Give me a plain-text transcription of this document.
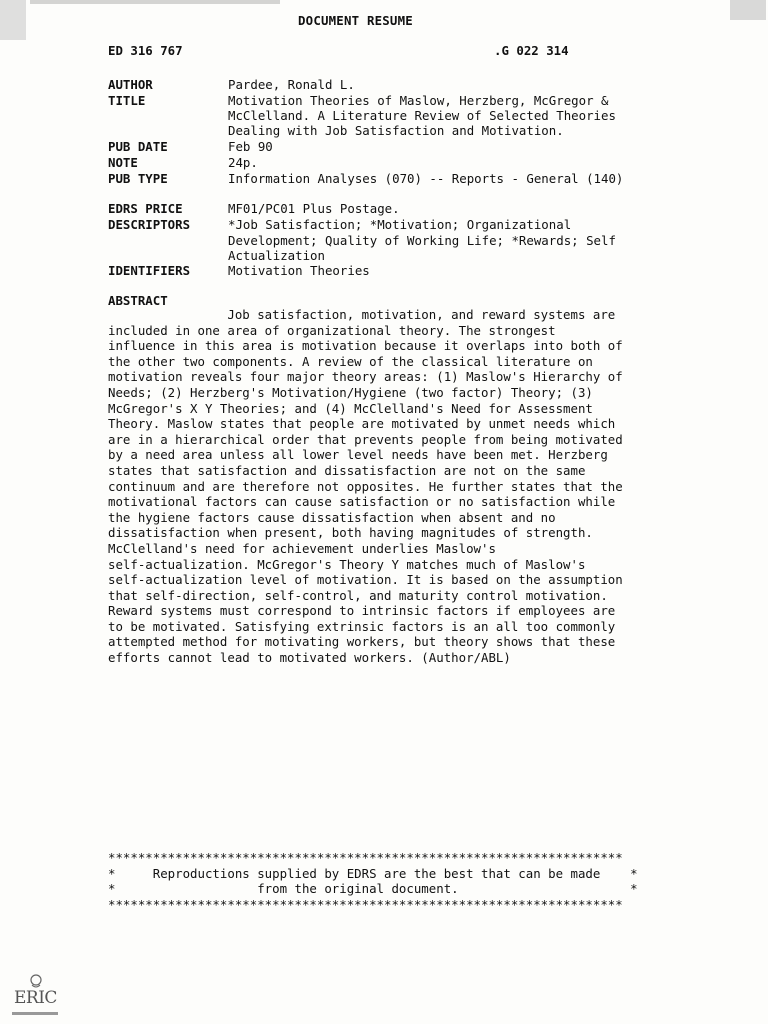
DOCUMENT RESUME
ED 316 767	.G 022 314
AUTHOR	Pardee, Ronald L.
TITLE	Motivation Theories of Maslow, Herzberg, McGregor &
McClelland. A Literature Review of Selected Theories
Dealing with Job Satisfaction and Motivation.
PUB DATE	Feb 90
NOTE	24p.
PUB TYPE	Information Analyses (070) -- Reports - General (140)
EDRS PRICE	MF01/PC01 Plus Postage.
DESCRIPTORS	*Job Satisfaction; *Motivation; Organizational
Development; Quality of Working Life; *Rewards; Self
Actualization
IDENTIFIERS	Motivation Theories
ABSTRACT
Job satisfaction, motivation, and reward systems are
included in one area of organizational theory. The strongest
influence in this area is motivation because it overlaps into both of
the other two components. A review of the classical literature on
motivation reveals four major theory areas: (1) Maslow's Hierarchy of
Needs; (2) Herzberg's Motivation/Hygiene (two factor) Theory; (3)
McGregor's X Y Theories; and (4) McClelland's Need for Assessment
Theory. Maslow states that people are motivated by unmet needs which
are in a hierarchical order that prevents people from being motivated
by a need area unless all lower level needs have been met. Herzberg
states that satisfaction and dissatisfaction are not on the same
continuum and are therefore not opposites. He further states that the
motivational factors can cause satisfaction or no satisfaction while
the hygiene factors cause dissatisfaction when absent and no
dissatisfaction when present, both having magnitudes of strength.
McClelland's need for achievement underlies Maslow's
self-actualization. McGregor's Theory Y matches much of Maslow's
self-actualization level of motivation. It is based on the assumption
that self-direction, self-control, and maturity control motivation.
Reward systems must correspond to intrinsic factors if employees are
to be motivated. Satisfying extrinsic factors is an all too commonly
attempted method for motivating workers, but theory shows that these
efforts cannot lead to motivated workers. (Author/ABL)
*********************************************************************
*     Reproductions supplied by EDRS are the best that can be made    *
*                   from the original document.                       *
*********************************************************************
ERIC
